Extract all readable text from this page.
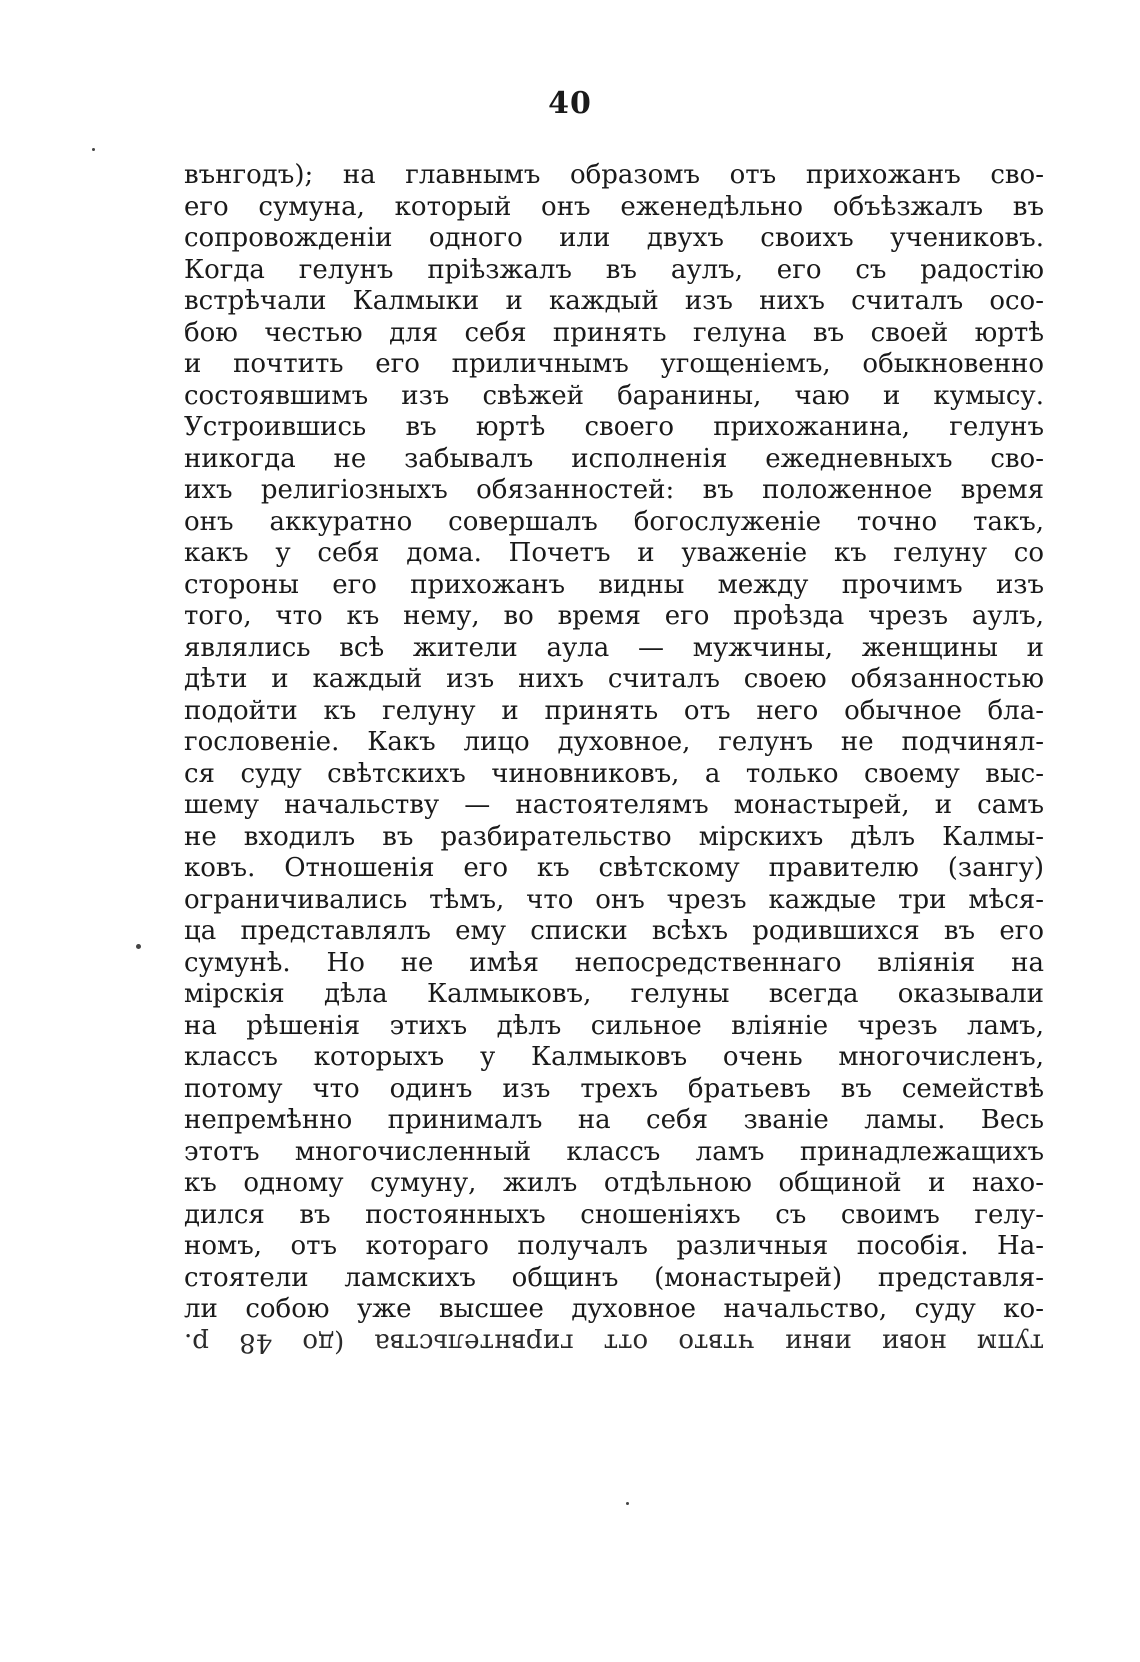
40
вънгодъ); на главнымъ образомъ отъ прихожанъ сво-
его сумуна, который онъ еженедѣльно объѣзжалъ въ
сопровожденіи одного или двухъ своихъ учениковъ.
Когда гелунъ пріѣзжалъ въ аулъ, его съ радостію
встрѣчали Калмыки и каждый изъ нихъ считалъ осо-
бою честью для себя принять гелуна въ своей юртѣ
и почтить его приличнымъ угощеніемъ, обыкновенно
состоявшимъ изъ свѣжей баранины, чаю и кумысу.
Устроившись въ юртѣ своего прихожанина, гелунъ
никогда не забывалъ исполненія ежедневныхъ сво-
ихъ религіозныхъ обязанностей: въ положенное время
онъ аккуратно совершалъ богослуженіе точно такъ,
какъ у себя дома. Почетъ и уваженіе къ гелуну со
стороны его прихожанъ видны между прочимъ изъ
того, что къ нему, во время его проѣзда чрезъ аулъ,
являлись всѣ жители аула — мужчины, женщины и
дѣти и каждый изъ нихъ считалъ своею обязанностью
подойти къ гелуну и принять отъ него обычное бла-
гословеніе. Какъ лицо духовное, гелунъ не подчинял-
ся суду свѣтскихъ чиновниковъ, а только своему выс-
шему начальству — настоятелямъ монастырей, и самъ
не входилъ въ разбирательство мірскихъ дѣлъ Калмы-
ковъ. Отношенія его къ свѣтскому правителю (зангу)
ограничивались тѣмъ, что онъ чрезъ каждые три мѣся-
ца представлялъ ему списки всѣхъ родившихся въ его
сумунѣ. Но не имѣя непосредственнаго вліянія на
мірскія дѣла Калмыковъ, гелуны всегда оказывали
на рѣшенія этихъ дѣлъ сильное вліяніе чрезъ ламъ,
классъ которыхъ у Калмыковъ очень многочисленъ,
потому что одинъ изъ трехъ братьевъ въ семействѣ
непремѣнно принималъ на себя званіе ламы. Весь
этотъ многочисленный классъ ламъ принадлежащихъ
къ одному сумуну, жилъ отдѣльною общиной и нахо-
дился въ постоянныхъ сношеніяхъ съ своимъ гелу-
номъ, отъ котораго получалъ различныя пособія. На-
стоятели ламскихъ общинъ (монастырей) представля-
ли собою уже высшее духовное начальство, суду ко-
тупм нови ивни чтвто отт гирвнтельства (до 48 р.
